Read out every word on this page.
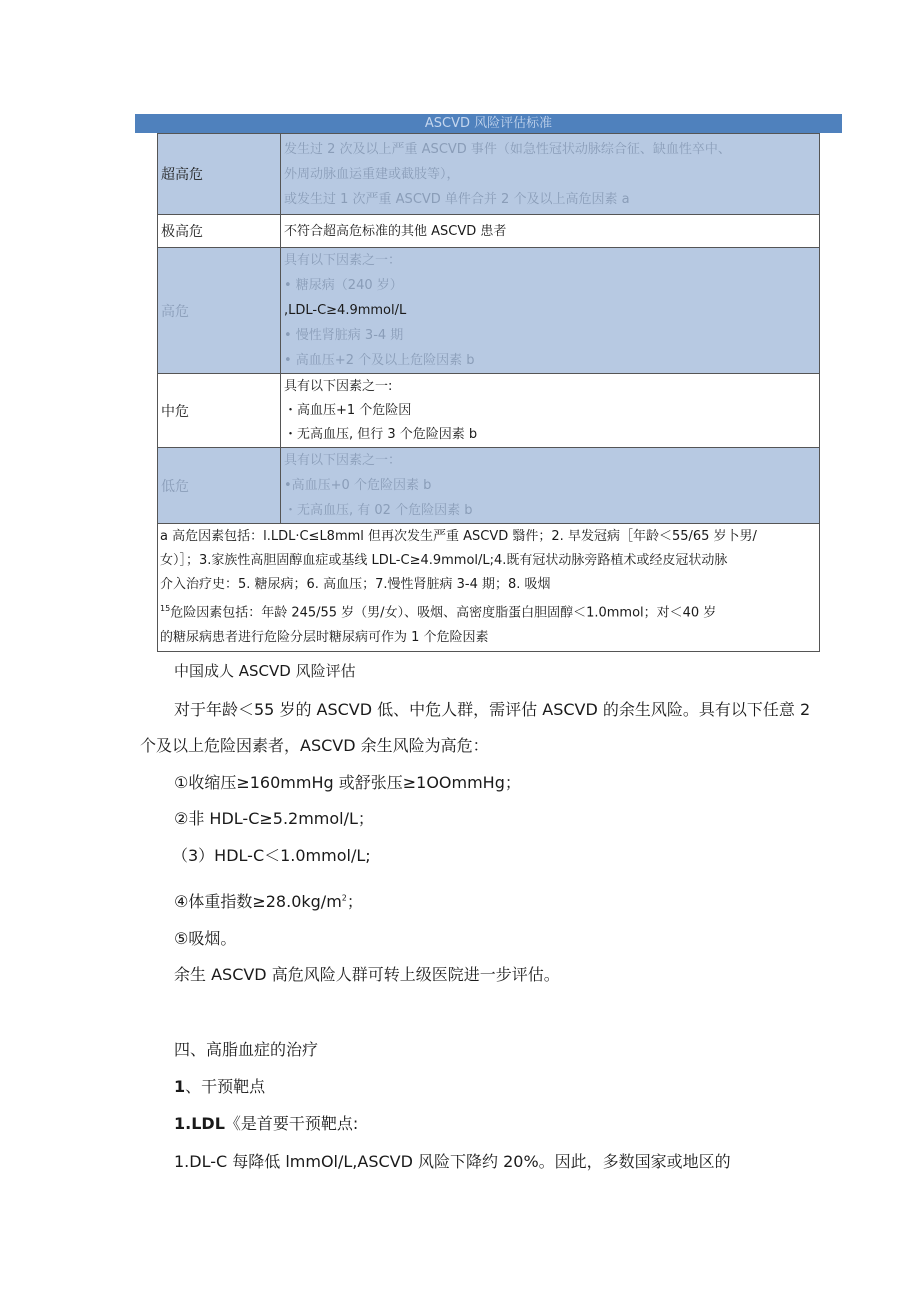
ASCVD 风险评估标准
超高危	发生过 2 次及以上严重 ASCVD 事件（如急性冠状动脉综合征、缺血性卒中、
外周动脉血运重建或截肢等），
或发生过 1 次严重 ASCVD 单件合并 2 个及以上高危因素 a

极高危	不符合超高危标准的其他 ASCVD 患者

高危	具有以下因素之一：
• 糖尿病（240 岁）
,LDL-C≥4.9mmol/L
• 慢性肾脏病 3-4 期
• 高血压+2 个及以上危险因素 b

中危	具有以下因素之一:
・高血压+1 个危险因
・无高血压, 但行 3 个危险因素 b

低危	具有以下因素之一：
•高血压+0 个危险因素 b
・无高血压, 有 02 个危险因素 b

a 高危因素包括：l.LDL·C≤L8mml 但再次发生严重 ASCVD 翳件；2. 早发冠病［年龄＜55/65 岁卜男/
女）］；3.家族性高胆固醇血症或基线 LDL-C≥4.9mmol/L;4.既有冠状动脉旁路植术或经皮冠状动脉
介入治疗史：5. 糖尿病；6. 高血压；7.慢性肾脏病 3-4 期；8. 吸烟
$^{15}$危险因素包括：年龄 245/55 岁（男/女）、吸烟、高密度脂蛋白胆固醇＜1.0mmol；对＜40 岁
的糖尿病患者进行危险分层时糖尿病可作为 1 个危险因素	

中国成人 ASCVD 风险评估

对于年龄＜55 岁的 ASCVD 低、中危人群，需评估 ASCVD 的余生风险。具有以下任意 2

个及以上危险因素者，ASCVD 余生风险为高危：

①收缩压≥160mmHg 或舒张压≥1OOmmHg；

②非 HDL-C≥5.2mmol/L；

（3）HDL-C＜1.0mmol/L;

④体重指数$\ge 28.0kg/m^2$；

⑤吸烟。

余生 ASCVD 高危风险人群可转上级医院进一步评估。

四、高脂血症的治疗

1、干预靶点

1.LDL《是首要干预靶点:

1.DL-C 每降低 lmmOl/L,ASCVD 风险下降约 20%。因此，多数国家或地区的
